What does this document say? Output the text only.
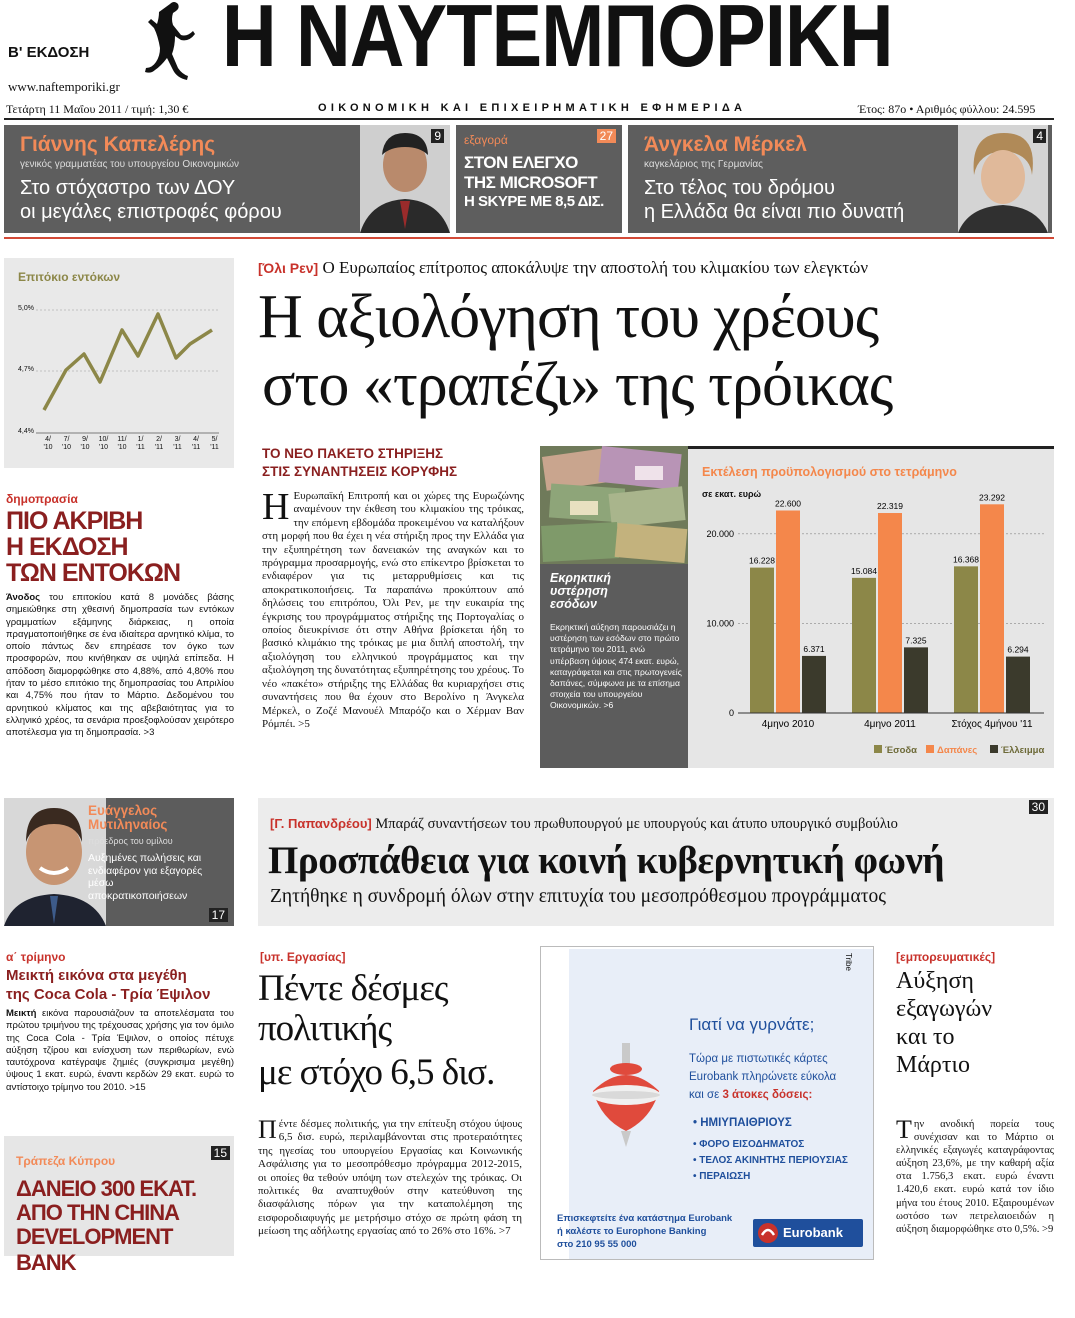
Β' ΕΚΔΟΣΗ
www.naftemporiki.gr
Η ΝΑΥΤΕΜΠΟΡΙΚΗ
Τετάρτη 11 Μαΐου 2011 / τιμή: 1,30 €	ΟΙΚΟΝΟΜΙΚΗ ΚΑΙ ΕΠΙΧΕΙΡΗΜΑΤΙΚΗ ΕΦΗΜΕΡΙΔΑ	Έτος: 87ο • Αριθμός φύλλου: 24.595
Γιάννης Καπελέρης
γενικός γραμματέας του υπουργείου Οικονομικών
Στο στόχαστρο των ΔΟΥ
οι μεγάλες επιστροφές φόρου
9 εξαγορά
ΣΤΟΝ ΕΛΕΓΧΟ
ΤΗΣ MICROSOFT
Η SKYPE ΜΕ 8,5 ΔΙΣ.
27 Άνγκελα Μέρκελ
καγκελάριος της Γερμανίας
Στο τέλος του δρόμου
η Ελλάδα θα είναι πιο δυνατή
4
Επιτόκιο εντόκων
5,0%
4,7%
4,4%
4/
'10
7/
'10
9/
'10
10/
'10
11/
'10
1/
'11
2/
'11
3/
'11
4/
'11
5/
'11
δημοπρασία
ΠΙΟ ΑΚΡΙΒΗ
Η ΕΚΔΟΣΗ
ΤΩΝ ΕΝΤΟΚΩΝ
Άνοδος του επιτοκίου κατά 8 μονάδες βάσης σημειώθηκε στη χθεσινή δημοπρασία των εντόκων γραμματίων εξάμηνης διάρκειας, η οποία πραγματοποιήθηκε σε ένα ιδιαίτερα αρνητικό κλίμα, το οποίο πάντως δεν επηρέασε τον όγκο των προσφορών, που κινήθηκαν σε υψηλά επίπεδα. Η απόδοση διαμορφώθηκε στο 4,88%, από 4,80% που ήταν το μέσο επιτόκιο της δημοπρασίας του Απριλίου και 4,75% που ήταν το Μάρτιο. Δεδομένου του αρνητικού κλίματος και της αβεβαιότητας για το ελληνικό χρέος, τα σενάρια προεξοφλούσαν χειρότερο αποτέλεσμα για τη δημοπρασία. >3
[Όλι Ρεν] Ο Ευρωπαίος επίτροπος αποκάλυψε την αποστολή του κλιμακίου των ελεγκτών
Η αξιολόγηση του χρέους
στο «τραπέζι» της τρόικας
ΤΟ ΝΕΟ ΠΑΚΕΤΟ ΣΤΗΡΙΞΗΣ
ΣΤΙΣ ΣΥΝΑΝΤΗΣΕΙΣ ΚΟΡΥΦΗΣ
Η Ευρωπαϊκή Επιτροπή και οι χώρες της Ευρωζώνης αναμένουν την έκθεση του κλιμακίου της τρόικας, την επόμενη εβδομάδα προκειμένου να καταλήξουν στη μορφή που θα έχει η νέα στήριξη προς την Ελλάδα για την εξυπηρέτηση των δανειακών της αναγκών και το πρόγραμμα προσαρμογής, ενώ στο επίκεντρο βρίσκεται το ενδιαφέρον για τις μεταρρυθμίσεις και τις αποκρατικοποιήσεις. Τα παραπάνω προκύπτουν από δηλώσεις του επιτρόπου, Όλι Ρεν, με την ευκαιρία της έγκρισης του προγράμματος στήριξης της Πορτογαλίας ο οποίος διευκρίνισε ότι στην Αθήνα βρίσκεται ήδη το βασικό κλιμάκιο της τρόικας με μια διπλή αποστολή, την αξιολόγηση του ελληνικού προγράμματος και την αξιολόγηση της δυνατότητας εξυπηρέτησης του χρέους. Το νέο «πακέτο» στήριξης της Ελλάδας θα κυριαρχήσει στις συναντήσεις που θα έχουν στο Βερολίνο η Άνγκελα Μέρκελ, ο Ζοζέ Μανουέλ Μπαρόζο και ο Χέρμαν Βαν Ρόμπέι. >5
Εκρηκτική υστέρηση εσόδων
Εκρηκτική αύξηση παρουσιάζει η υστέρηση των εσόδων στο πρώτο τετράμηνο του 2011, ενώ υπέρβαση ύψους 474 εκατ. ευρώ, καταγράφεται και στις πρωτογενείς δαπάνες, σύμφωνα με τα επίσημα στοιχεία του υπουργείου Οικονομικών. >6
Εκτέλεση προϋπολογισμού στο τετράμηνο
σε εκατ. ευρώ
0
10.000
20.000
16.228
22.600
6.371
4μηνο 2010
15.084
22.319
7.325
4μηνο 2011
16.368
23.292
6.294
Στόχος 4μήνου '11
Έσοδα Δαπάνες	Έλλειμμα
Ευάγγελος Μυτιληναίος
πρόεδρος του ομίλου
Αυξημένες πωλήσεις και ενδιαφέρον για εξαγορές μέσω αποκρατικοποιήσεων
17
30
[Γ. Παπανδρέου] Μπαράζ συναντήσεων του πρωθυπουργού με υπουργούς και άτυπο υπουργικό συμβούλιο
Προσπάθεια για κοινή κυβερνητική φωνή
Ζητήθηκε η συνδρομή όλων στην επιτυχία του μεσοπρόθεσμου προγράμματος
α΄ τρίμηνο
Μεικτή εικόνα στα μεγέθη
της Coca Cola - Τρία Έψιλον
Μεικτή εικόνα παρουσιάζουν τα αποτελέσματα του πρώτου τριμήνου της τρέχουσας χρήσης για τον όμιλο της Coca Cola - Τρία Έψιλον, ο οποίος πέτυχε αύξηση τζίρου και ενίσχυση των περιθωρίων, ενώ ταυτόχρονα κατέγραψε ζημιές (συγκρισιμα μεγέθη) ύψους 1 εκατ. ευρώ, έναντι κερδών 29 εκατ. ευρώ το αντίστοιχο τρίμηνο του 2010. >15
Τράπεζα Κύπρου
ΔΑΝΕΙΟ 300 ΕΚΑΤ.
ΑΠΟ ΤΗΝ CHINA
DEVELOPMENT BANK
15
[υπ. Εργασίας]
Πέντε δέσμες
πολιτικής
με στόχο 6,5 δισ.
Πέντε δέσμες πολιτικής, για την επίτευξη στόχου ύψους 6,5 δισ. ευρώ, περιλαμβάνονται στις προτεραιότητες της ηγεσίας του υπουργείου Εργασίας και Κοινωνικής Ασφάλισης για το μεσοπρόθεσμο πρόγραμμα 2012-2015, οι οποίες θα τεθούν υπόψη των στελεχών της τρόικας. Οι πολιτικές θα αναπτυχθούν στην κατεύθυνση της διασφάλισης πόρων για την καταπολέμηση της εισφοροδιαφυγής με μετρήσιμο στόχο σε πρώτη φάση τη μείωση της αδήλωτης εργασίας από το 26% στο 16%. >7
Tribe
Γιατί να γυρνάτε;
Τώρα με πιστωτικές κάρτες
Eurobank πληρώνετε εύκολα
και σε 3 άτοκες δόσεις:
• ΗΜΙΥΠΑΙΘΡΙΟΥΣ
• ΦΟΡΟ ΕΙΣΟΔΗΜΑΤΟΣ
• ΤΕΛΟΣ ΑΚΙΝΗΤΗΣ ΠΕΡΙΟΥΣΙΑΣ
• ΠΕΡΑΙΩΣΗ
Επισκεφτείτε ένα κατάστημα Eurobank
ή καλέστε το Europhone Banking
στο 210 95 55 000
Eurobank
[εμπορευματικές]
Αύξηση
εξαγωγών
και το
Μάρτιο
Την ανοδική πορεία τους συνέχισαν και το Μάρτιο οι ελληνικές εξαγωγές καταγράφοντας αύξηση 23,6%, με την καθαρή αξία στα 1.756,3 εκατ. ευρώ έναντι 1.420,6 εκατ. ευρώ κατά τον ίδιο μήνα του έτους 2010. Εξαιρουμένων ωστόσο των πετρελαιοειδών η αύξηση διαμορφώθηκε στο 0,5%. >9
